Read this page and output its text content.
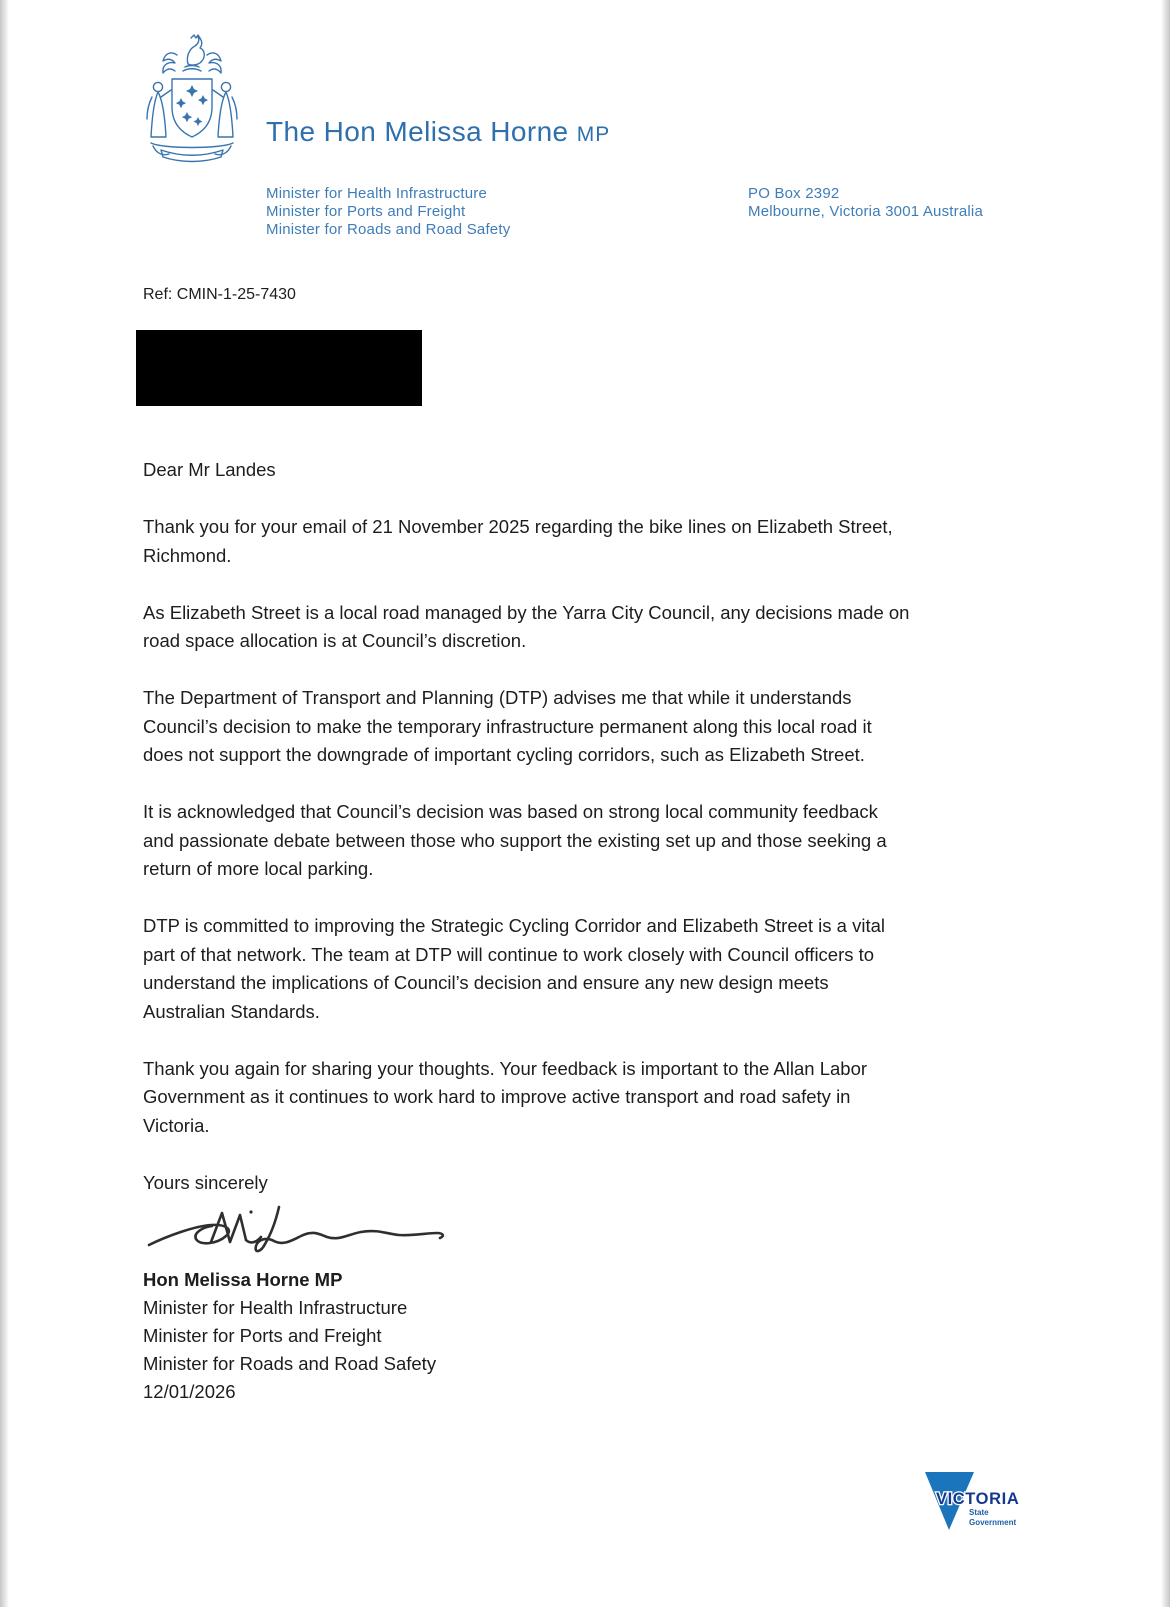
The Hon Melissa Horne MP
Minister for Health Infrastructure
Minister for Ports and Freight
Minister for Roads and Road Safety
PO Box 2392
Melbourne, Victoria 3001 Australia
Ref: CMIN-1-25-7430
Dear Mr Landes
Thank you for your email of 21 November 2025 regarding the bike lines on Elizabeth Street,
Richmond.
As Elizabeth Street is a local road managed by the Yarra City Council, any decisions made on
road space allocation is at Council’s discretion.
The Department of Transport and Planning (DTP) advises me that while it understands
Council’s decision to make the temporary infrastructure permanent along this local road it
does not support the downgrade of important cycling corridors, such as Elizabeth Street.
It is acknowledged that Council’s decision was based on strong local community feedback
and passionate debate between those who support the existing set up and those seeking a
return of more local parking.
DTP is committed to improving the Strategic Cycling Corridor and Elizabeth Street is a vital
part of that network. The team at DTP will continue to work closely with Council officers to
understand the implications of Council’s decision and ensure any new design meets
Australian Standards.
Thank you again for sharing your thoughts. Your feedback is important to the Allan Labor
Government as it continues to work hard to improve active transport and road safety in
Victoria.
Yours sincerely
Hon Melissa Horne MP
Minister for Health Infrastructure
Minister for Ports and Freight
Minister for Roads and Road Safety
12/01/2026
VICTORIA
State
Government
